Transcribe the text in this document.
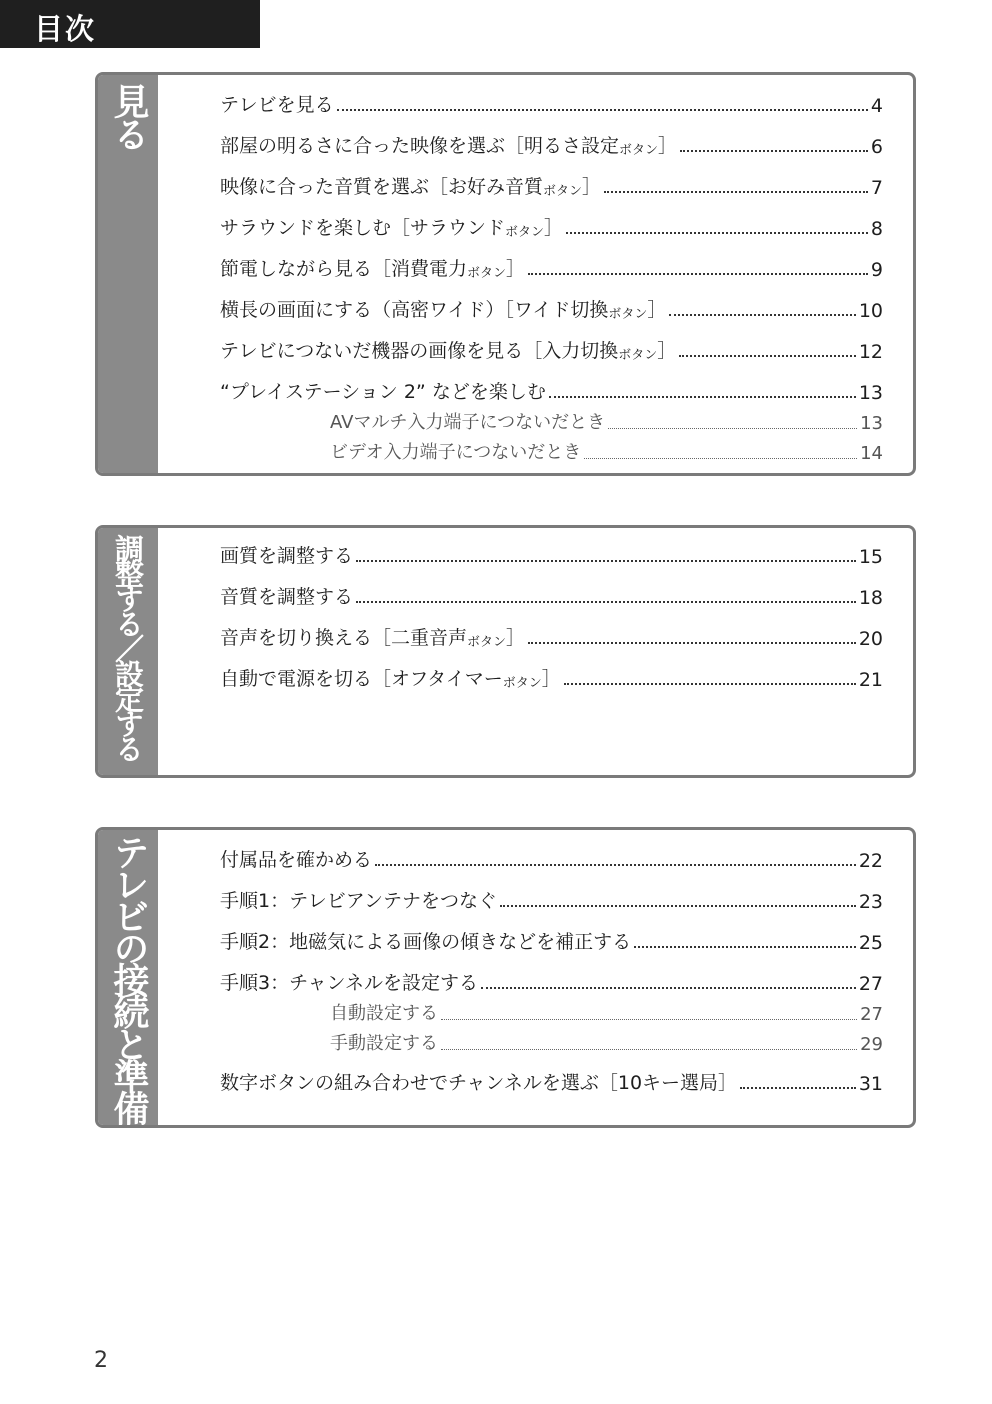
目次
見る	テレビを見る	4
部屋の明るさに合った映像を選ぶ［明るさ設定 ボタン ］	6
映像に合った音質を選ぶ［お好み音質 ボタン ］	7
サラウンドを楽しむ［サラウンド ボタン ］	8
節電しながら見る［消費電力 ボタン ］	9
横長の画面にする（高密ワイド）［ワイド切換 ボタン ］	10
テレビにつないだ機器の画像を見る［入力切換 ボタン ］	12
“プレイステーション 2” などを楽しむ	13
AVマルチ入力端子につないだとき	13
ビデオ入力端子につないだとき	14
調整する／設定する	画質を調整する	15
音質を調整する	18
音声を切り換える［二重音声 ボタン ］	20
自動で電源を切る［オフタイマー ボタン ］	21
テレビの接続と準備	付属品を確かめる	22
手順1：テレビアンテナをつなぐ	23
手順2：地磁気による画像の傾きなどを補正する	25
手順3：チャンネルを設定する	27
自動設定する	27
手動設定する	29
数字ボタンの組み合わせでチャンネルを選ぶ［10キー選局］	31
2
